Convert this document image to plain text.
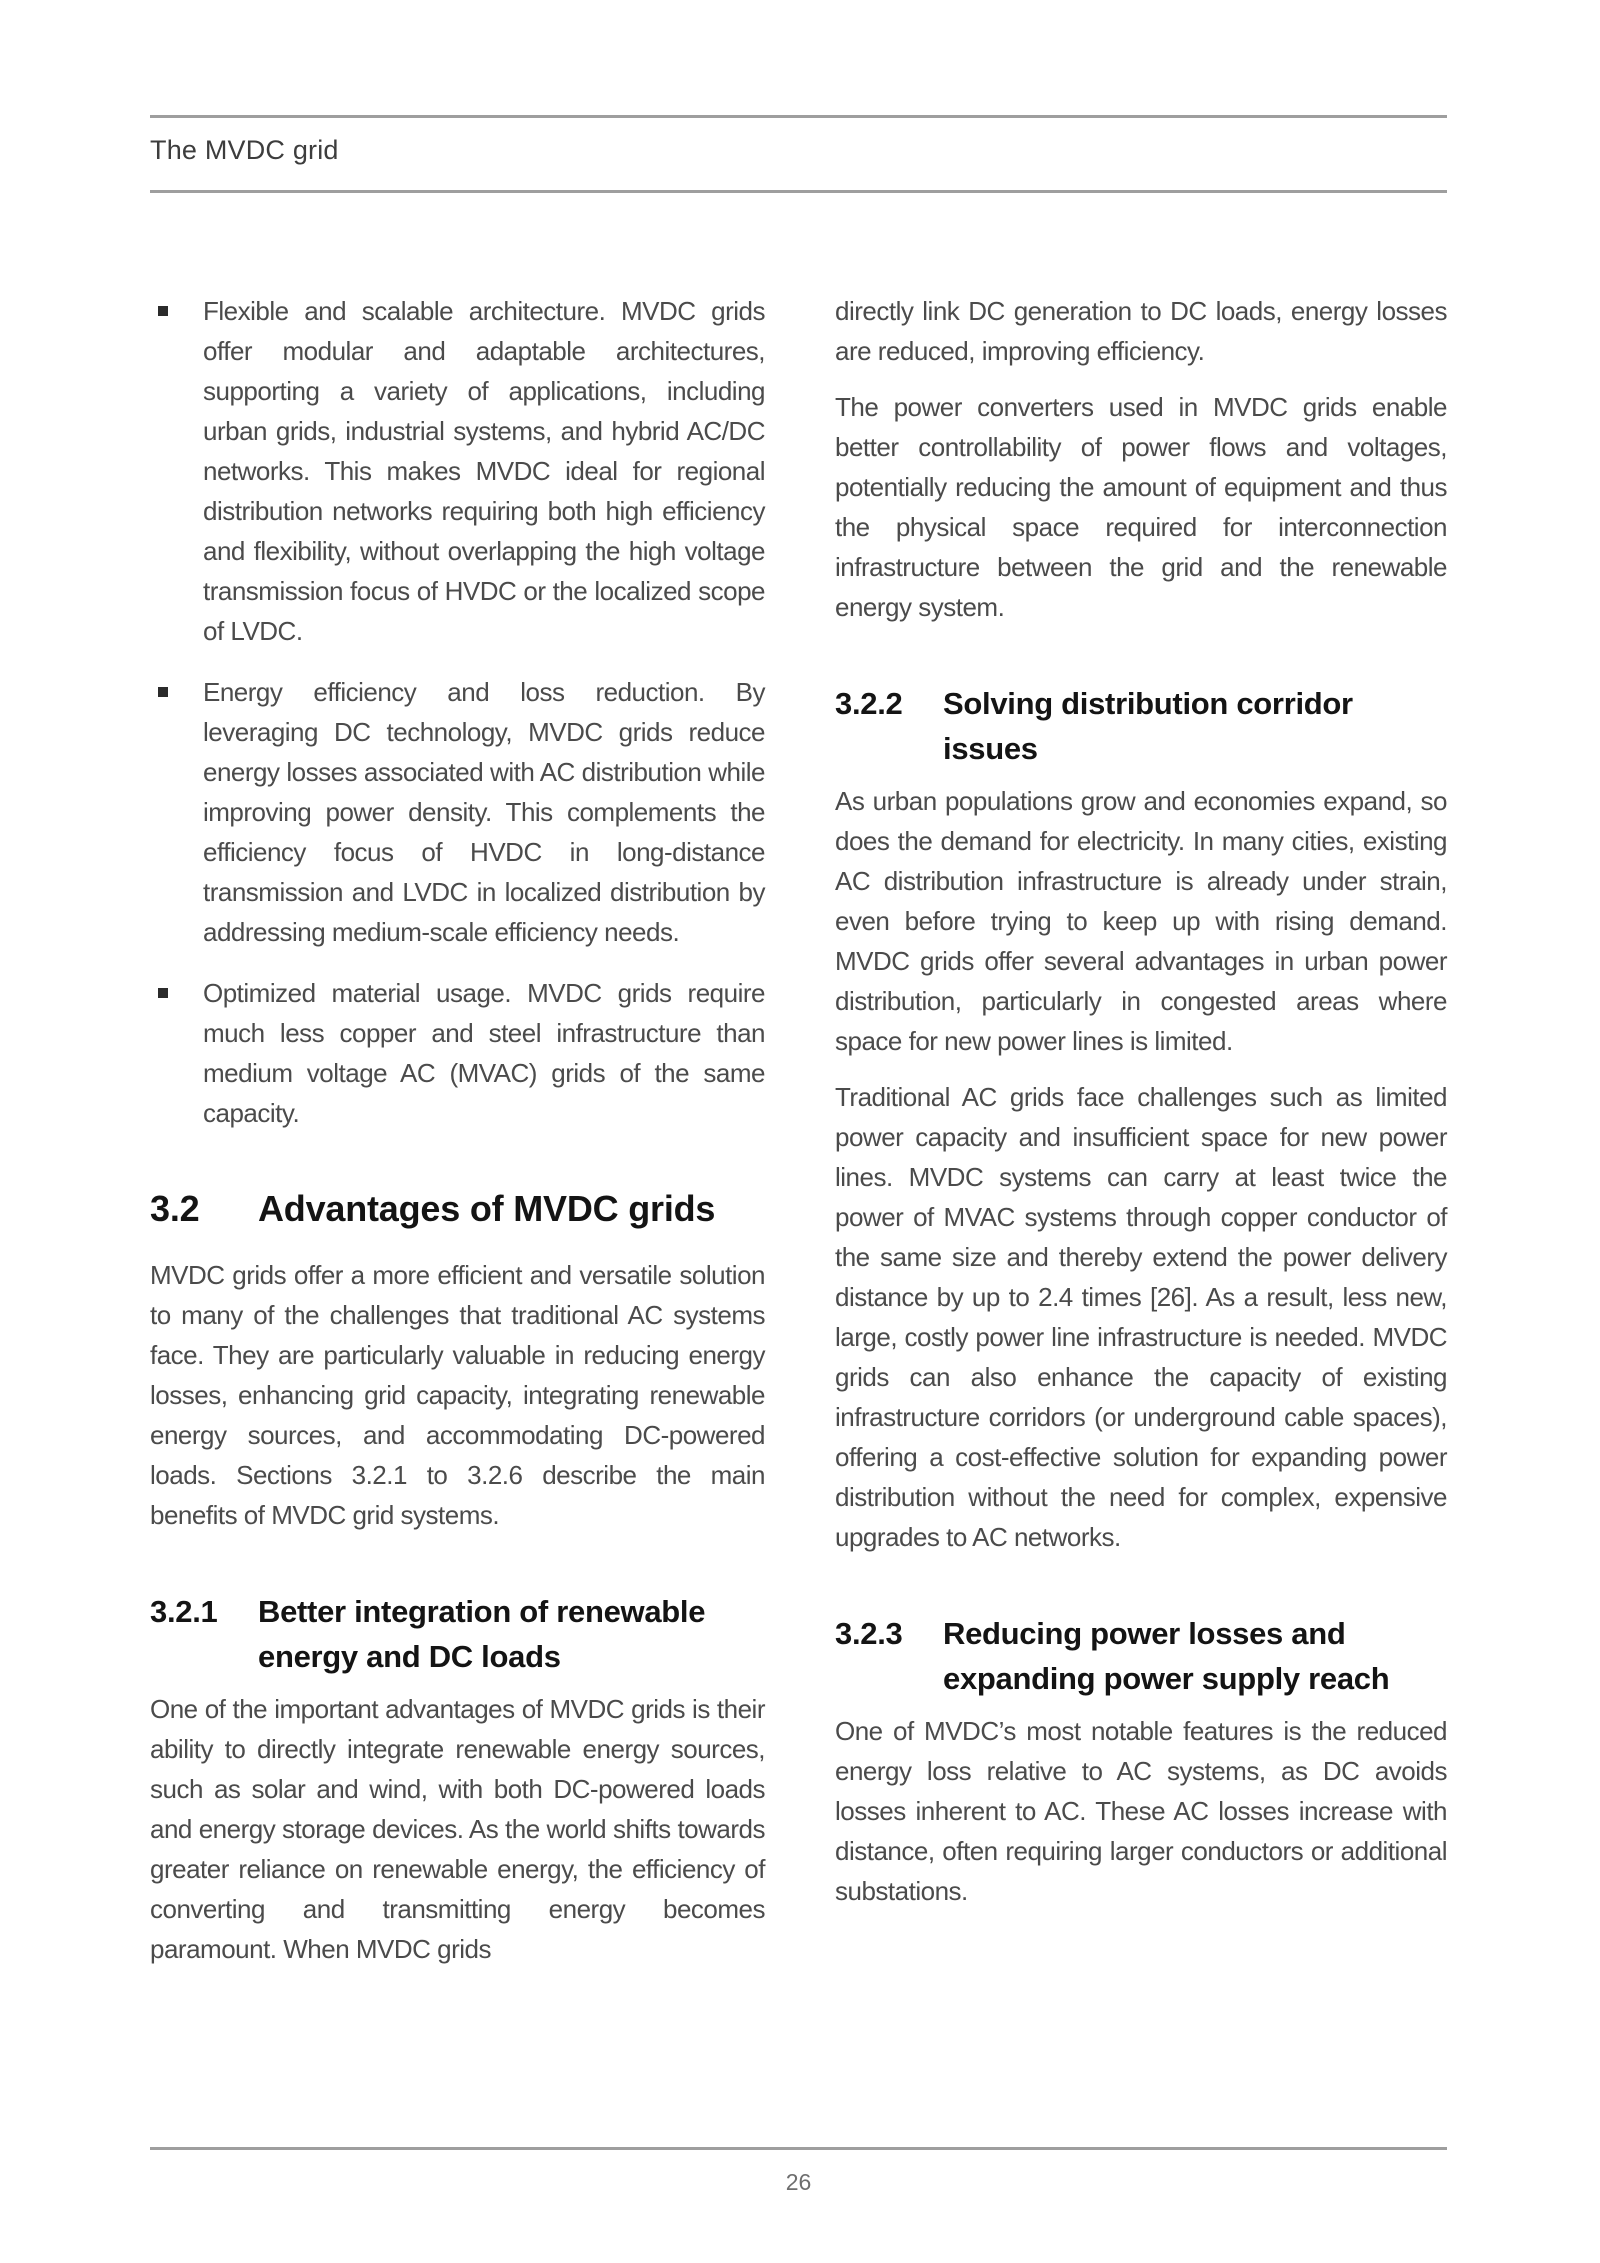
The MVDC grid
Flexible and scalable architecture. MVDC grids offer modular and adaptable architectures, supporting a variety of applications, including urban grids, industrial systems, and hybrid AC/DC networks. This makes MVDC ideal for regional distribution networks requiring both high efficiency and flexibility, without overlapping the high voltage transmission focus of HVDC or the localized scope of LVDC.
Energy efficiency and loss reduction. By leveraging DC technology, MVDC grids reduce energy losses associated with AC distribution while improving power density. This complements the efficiency focus of HVDC in long-distance transmission and LVDC in localized distribution by addressing medium-scale efficiency needs.
Optimized material usage. MVDC grids require much less copper and steel infrastructure than medium voltage AC (MVAC) grids of the same capacity.
3.2	Advantages of MVDC grids

MVDC grids offer a more efficient and versatile solution to many of the challenges that traditional AC systems face. They are particularly valuable in reducing energy losses, enhancing grid capacity, integrating renewable energy sources, and accommodating DC-powered loads. Sections 3.2.1 to 3.2.6 describe the main benefits of MVDC grid systems.

3.2.1	Better integration of renewable energy and DC loads

One of the important advantages of MVDC grids is their ability to directly integrate renewable energy sources, such as solar and wind, with both DC-powered loads and energy storage devices. As the world shifts towards greater reliance on renewable energy, the efficiency of converting and transmitting energy becomes paramount. When MVDC grids

directly link DC generation to DC loads, energy losses are reduced, improving efficiency.

The power converters used in MVDC grids enable better controllability of power flows and voltages, potentially reducing the amount of equipment and thus the physical space required for interconnection infrastructure between the grid and the renewable energy system.

3.2.2	Solving distribution corridor issues

As urban populations grow and economies expand, so does the demand for electricity. In many cities, existing AC distribution infrastructure is already under strain, even before trying to keep up with rising demand. MVDC grids offer several advantages in urban power distribution, particularly in congested areas where space for new power lines is limited.

Traditional AC grids face challenges such as limited power capacity and insufficient space for new power lines. MVDC systems can carry at least twice the power of MVAC systems through copper conductor of the same size and thereby extend the power delivery distance by up to 2.4 times [26]. As a result, less new, large, costly power line infrastructure is needed. MVDC grids can also enhance the capacity of existing infrastructure corridors (or underground cable spaces), offering a cost-effective solution for expanding power distribution without the need for complex, expensive upgrades to AC networks.

3.2.3	Reducing power losses and expanding power supply reach

One of MVDC’s most notable features is the reduced energy loss relative to AC systems, as DC avoids losses inherent to AC. These AC losses increase with distance, often requiring larger conductors or additional substations.

26
